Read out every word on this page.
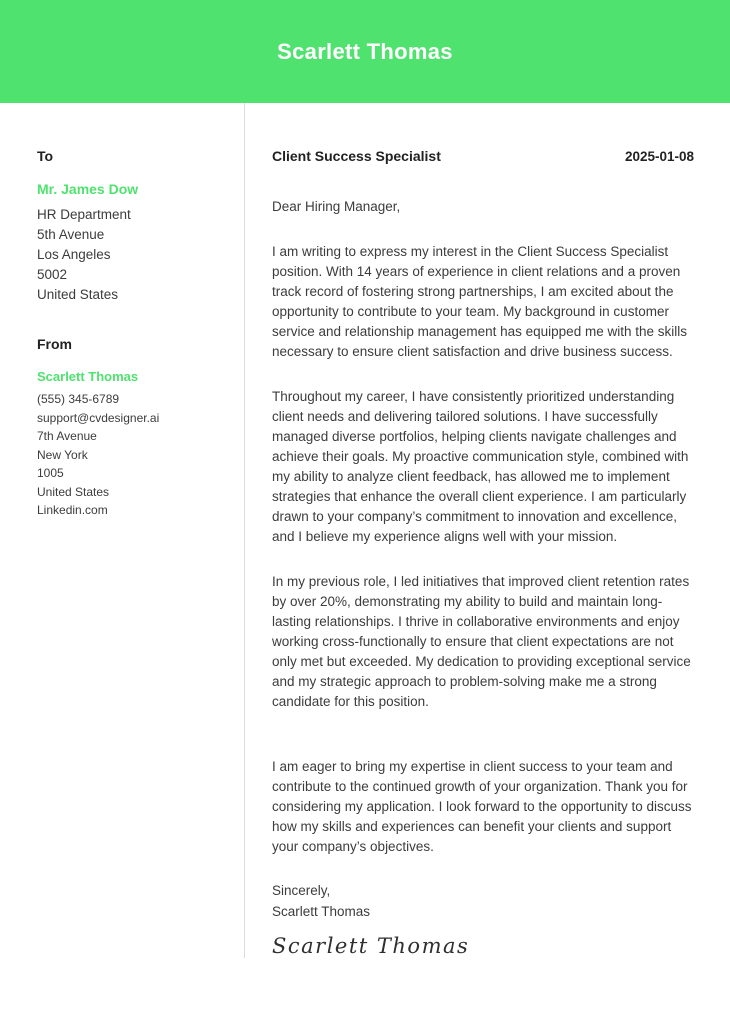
Scarlett Thomas
To
Mr. James Dow
HR Department
5th Avenue
Los Angeles
5002
United States
From
Scarlett Thomas
(555) 345-6789
support@cvdesigner.ai
7th Avenue
New York
1005
United States
Linkedin.com
Client Success Specialist	2025-01-08

Dear Hiring Manager,

I am writing to express my interest in the Client Success Specialist position. With 14 years of experience in client relations and a proven track record of fostering strong partnerships, I am excited about the opportunity to contribute to your team. My background in customer service and relationship management has equipped me with the skills necessary to ensure client satisfaction and drive business success.

Throughout my career, I have consistently prioritized understanding client needs and delivering tailored solutions. I have successfully managed diverse portfolios, helping clients navigate challenges and achieve their goals. My proactive communication style, combined with my ability to analyze client feedback, has allowed me to implement strategies that enhance the overall client experience. I am particularly drawn to your company’s commitment to innovation and excellence, and I believe my experience aligns well with your mission.

In my previous role, I led initiatives that improved client retention rates by over 20%, demonstrating my ability to build and maintain long-lasting relationships. I thrive in collaborative environments and enjoy working cross-functionally to ensure that client expectations are not only met but exceeded. My dedication to providing exceptional service and my strategic approach to problem-solving make me a strong candidate for this position.

I am eager to bring my expertise in client success to your team and contribute to the continued growth of your organization. Thank you for considering my application. I look forward to the opportunity to discuss how my skills and experiences can benefit your clients and support your company’s objectives.

Sincerely,

Scarlett Thomas

Scarlett Thomas
